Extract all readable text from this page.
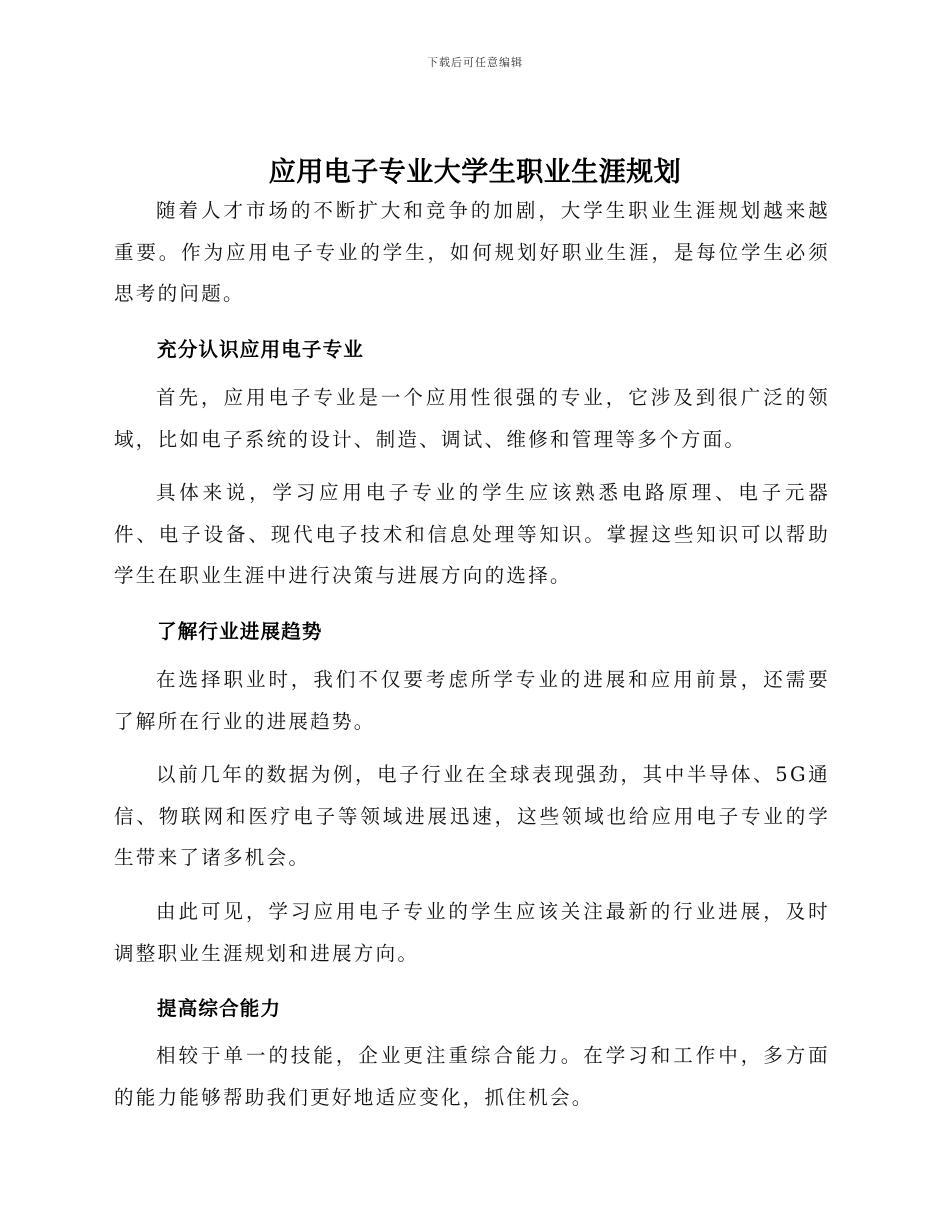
下载后可任意编辑
应用电子专业大学生职业生涯规划

随着人才市场的不断扩大和竞争的加剧，大学生职业生涯规划越来越重要。作为应用电子专业的学生，如何规划好职业生涯，是每位学生必须思考的问题。

充分认识应用电子专业

首先，应用电子专业是一个应用性很强的专业，它涉及到很广泛的领域，比如电子系统的设计、制造、调试、维修和管理等多个方面。

具体来说，学习应用电子专业的学生应该熟悉电路原理、电子元器件、电子设备、现代电子技术和信息处理等知识。掌握这些知识可以帮助学生在职业生涯中进行决策与进展方向的选择。

了解行业进展趋势

在选择职业时，我们不仅要考虑所学专业的进展和应用前景，还需要了解所在行业的进展趋势。

以前几年的数据为例，电子行业在全球表现强劲，其中半导体、5G通信、物联网和医疗电子等领域进展迅速，这些领域也给应用电子专业的学生带来了诸多机会。

由此可见，学习应用电子专业的学生应该关注最新的行业进展，及时调整职业生涯规划和进展方向。

提高综合能力

相较于单一的技能，企业更注重综合能力。在学习和工作中，多方面的能力能够帮助我们更好地适应变化，抓住机会。
